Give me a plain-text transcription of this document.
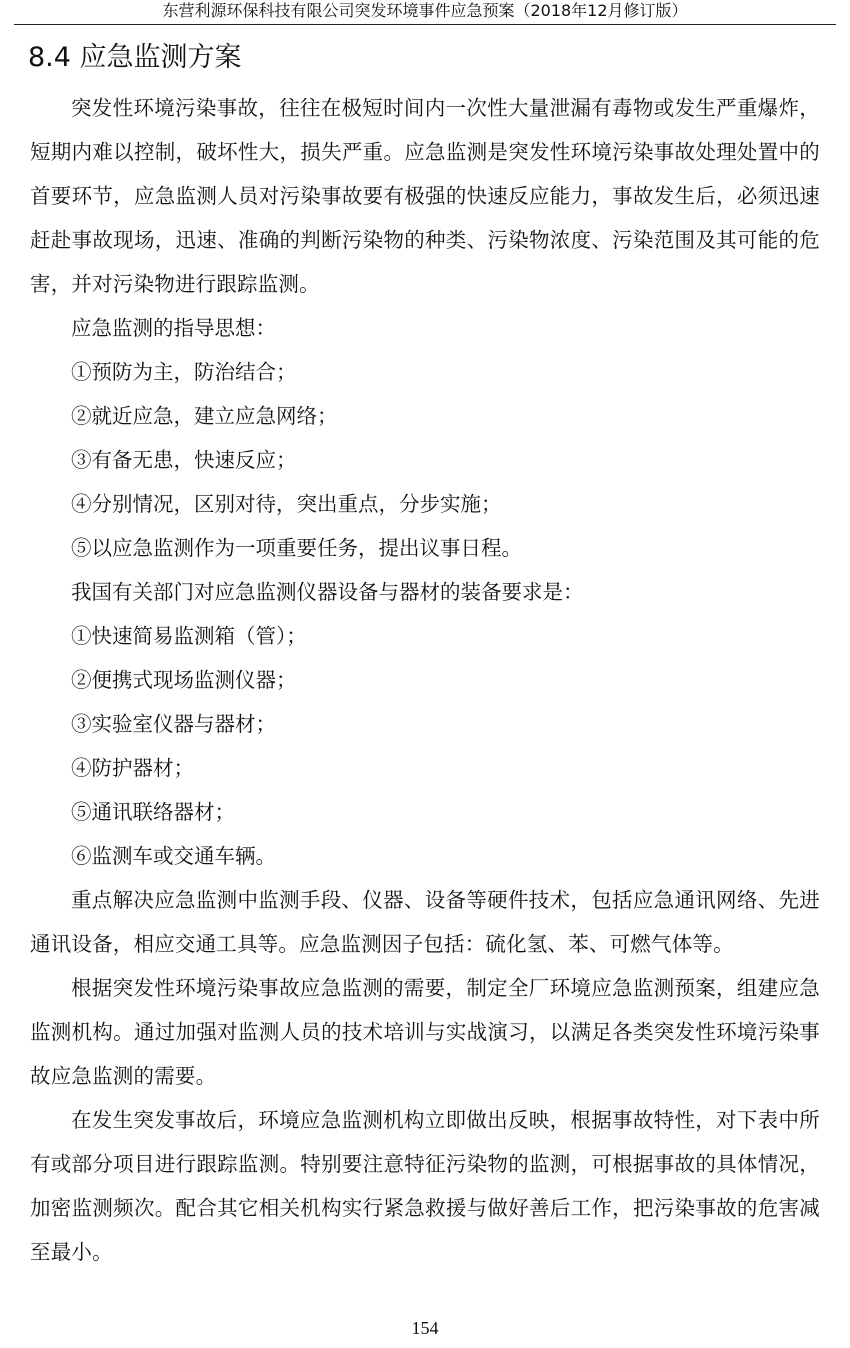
东营利源环保科技有限公司突发环境事件应急预案（2018年12月修订版）
8.4 应急监测方案

突发性环境污染事故，往往在极短时间内一次性大量泄漏有毒物或发生严重爆炸，短期内难以控制，破坏性大，损失严重。应急监测是突发性环境污染事故处理处置中的首要环节，应急监测人员对污染事故要有极强的快速反应能力，事故发生后，必须迅速赶赴事故现场，迅速、准确的判断污染物的种类、污染物浓度、污染范围及其可能的危害，并对污染物进行跟踪监测。

应急监测的指导思想：

①预防为主，防治结合；

②就近应急，建立应急网络；

③有备无患，快速反应；

④分别情况，区别对待，突出重点，分步实施；

⑤以应急监测作为一项重要任务，提出议事日程。

我国有关部门对应急监测仪器设备与器材的装备要求是：

①快速简易监测箱（管）；

②便携式现场监测仪器；

③实验室仪器与器材；

④防护器材；

⑤通讯联络器材；

⑥监测车或交通车辆。

重点解决应急监测中监测手段、仪器、设备等硬件技术，包括应急通讯网络、先进通讯设备，相应交通工具等。应急监测因子包括：硫化氢、苯、可燃气体等。

根据突发性环境污染事故应急监测的需要，制定全厂环境应急监测预案，组建应急监测机构。通过加强对监测人员的技术培训与实战演习，以满足各类突发性环境污染事故应急监测的需要。

在发生突发事故后，环境应急监测机构立即做出反映，根据事故特性，对下表中所有或部分项目进行跟踪监测。特别要注意特征污染物的监测，可根据事故的具体情况，加密监测频次。配合其它相关机构实行紧急救援与做好善后工作，把污染事故的危害减至最小。

154
